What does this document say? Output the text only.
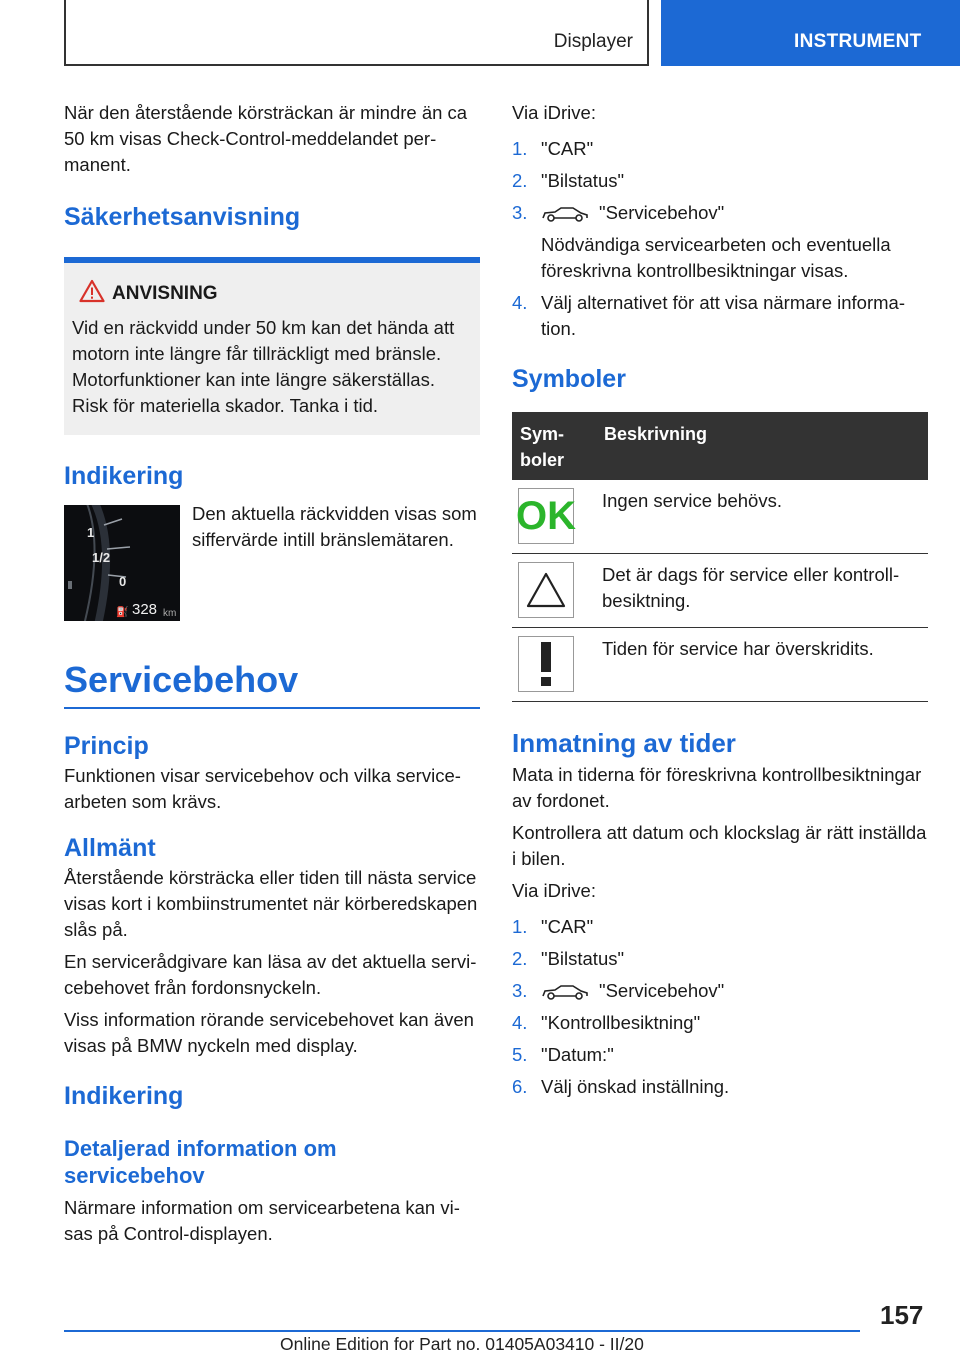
Displayer	INSTRUMENT

När den återstående körsträckan är mindre än ca 50 km visas Check-Control-meddelandet permanent.

Säkerhetsanvisning
ANVISNING
Vid en räckvidd under 50 km kan det hända att motorn inte längre får tillräckligt med bränsle. Motorfunktioner kan inte längre säkerställas. Risk för materiella skador. Tanka i tid.
Indikering
1
1/2
0
⛽ 328 km
Den aktuella räckvidden visas som siffervärde intill bränslemätaren.
Servicebehov
Princip

Funktionen visar servicebehov och vilka servicearbeten som krävs.

Allmänt

Återstående körsträcka eller tiden till nästa service visas kort i kombiinstrumentet när körberedskapen slås på.

En servicerådgivare kan läsa av det aktuella servicebehovet från fordonsnyckeln.

Viss information rörande servicebehovet kan även visas på BMW nyckeln med display.

Indikering
Detaljerad information om servicebehov

Närmare information om servicearbetena kan visas på Control-displayen.

Via iDrive:

1. "CAR"
2. "Bilstatus"
3.	"Servicebehov"
Nödvändiga servicearbeten och eventuella föreskrivna kontrollbesiktningar visas.
4. Välj alternativet för att visa närmare information.
Symboler
Symboler	Beskrivning

OK	Ingen service behövs.

	Det är dags för service eller kontrollbesiktning.

	Tiden för service har överskridits.
Inmatning av tider

Mata in tiderna för föreskrivna kontrollbesiktningar av fordonet.

Kontrollera att datum och klockslag är rätt inställda i bilen.

Via iDrive:

1. "CAR"
2. "Bilstatus"
3.	"Servicebehov"
4. "Kontrollbesiktning"
5. "Datum:"
6. Välj önskad inställning.
157
Online Edition for Part no. 01405A03410 - II/20
